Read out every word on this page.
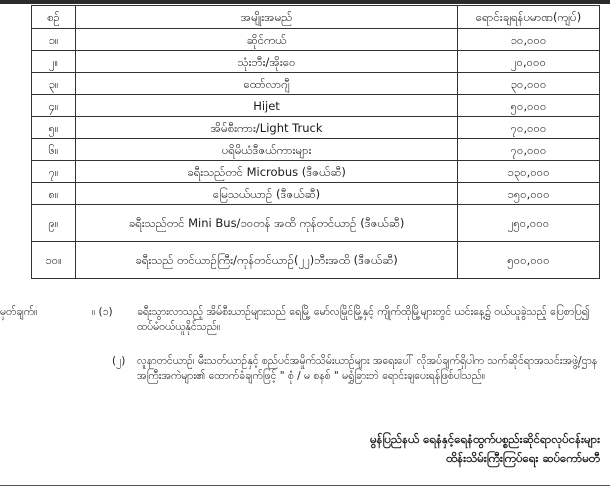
စဉ်	အမျိုးအမည်	ရောင်းချရန်ပမာဏ(ကျပ်)
၁။	ဆိုင်ကယ်	၁၀,၀၀၀
၂။	သုံးဘီး/အိုးဝေ	၂၀,၀၀၀
၃။	ထော်လာဂျီ	၃၀,၀၀၀
၄။	Hijet	၅၀,၀၀၀
၅။	အိမ်စီးကား/Light Truck	၇၀,၀၀၀
၆။	ပရိမိယံဒီဇယ်ကားများ	၇၀,၀၀၀
၇။	ခရီးသည်တင် Microbus (ဒီဇယ်ဆီ)	၁၃၀,၀၀၀
၈။	မြေသယ်ယာဉ် (ဒီဇယ်ဆီ)	၁၅၀,၀၀၀
၉။	ခရီးသည်တင် Mini Bus/၁၀တန် အထိ ကုန်တင်ယာဉ် (ဒီဇယ်ဆီ)	၂၅၀,၀၀၀
၁၀။	ခရီးသည် တင်ယာဉ်ကြီး/ကုန်တင်ယာဉ်(၂၂)ဘီးအထိ (ဒီဇယ်ဆီ)	၅၀၀,၀၀၀
မှတ်ချက်။	။ (၁)	ခရီးသွားလာသည့် အိမ်စီးယာဉ်များသည် ရေမြို့ မော်လမြိုင်မြို့နှင့် ကျိုက်ထိုမြို့များတွင် ယင်းနေ့၌ ဝယ်ယူခွဲသည့် ပြေစာပြ၍ ထပ်မံဝယ်ယူနိုင်သည်။
(၂)	လူနာတင်ယာဉ်၊ မီးသတ်ယာဉ်နှင့် စည်ပင်အမှိုက်သိမ်းယာဉ်များ အရေးပေါ် လိုအပ်ချက်ရှိပါက သက်ဆိုင်ရာအသင်းအဖွဲ့/ဌာနအကြီးအကဲများ၏ ထောက်ခံချက်ဖြင့် " စုံ / မ စနစ် " မရွှံခြားဘဲ ရောင်းချပေးရန်ဖြစ်ပါသည်။
မွန်ပြည်နယ် ရေနံနှင့်ရေနံထွက်ပစ္စည်းဆိုင်ရာလုပ်ငန်းများ
ထိန်းသိမ်းကြီးကြပ်ရေး ဆပ်ကော်မတီ
